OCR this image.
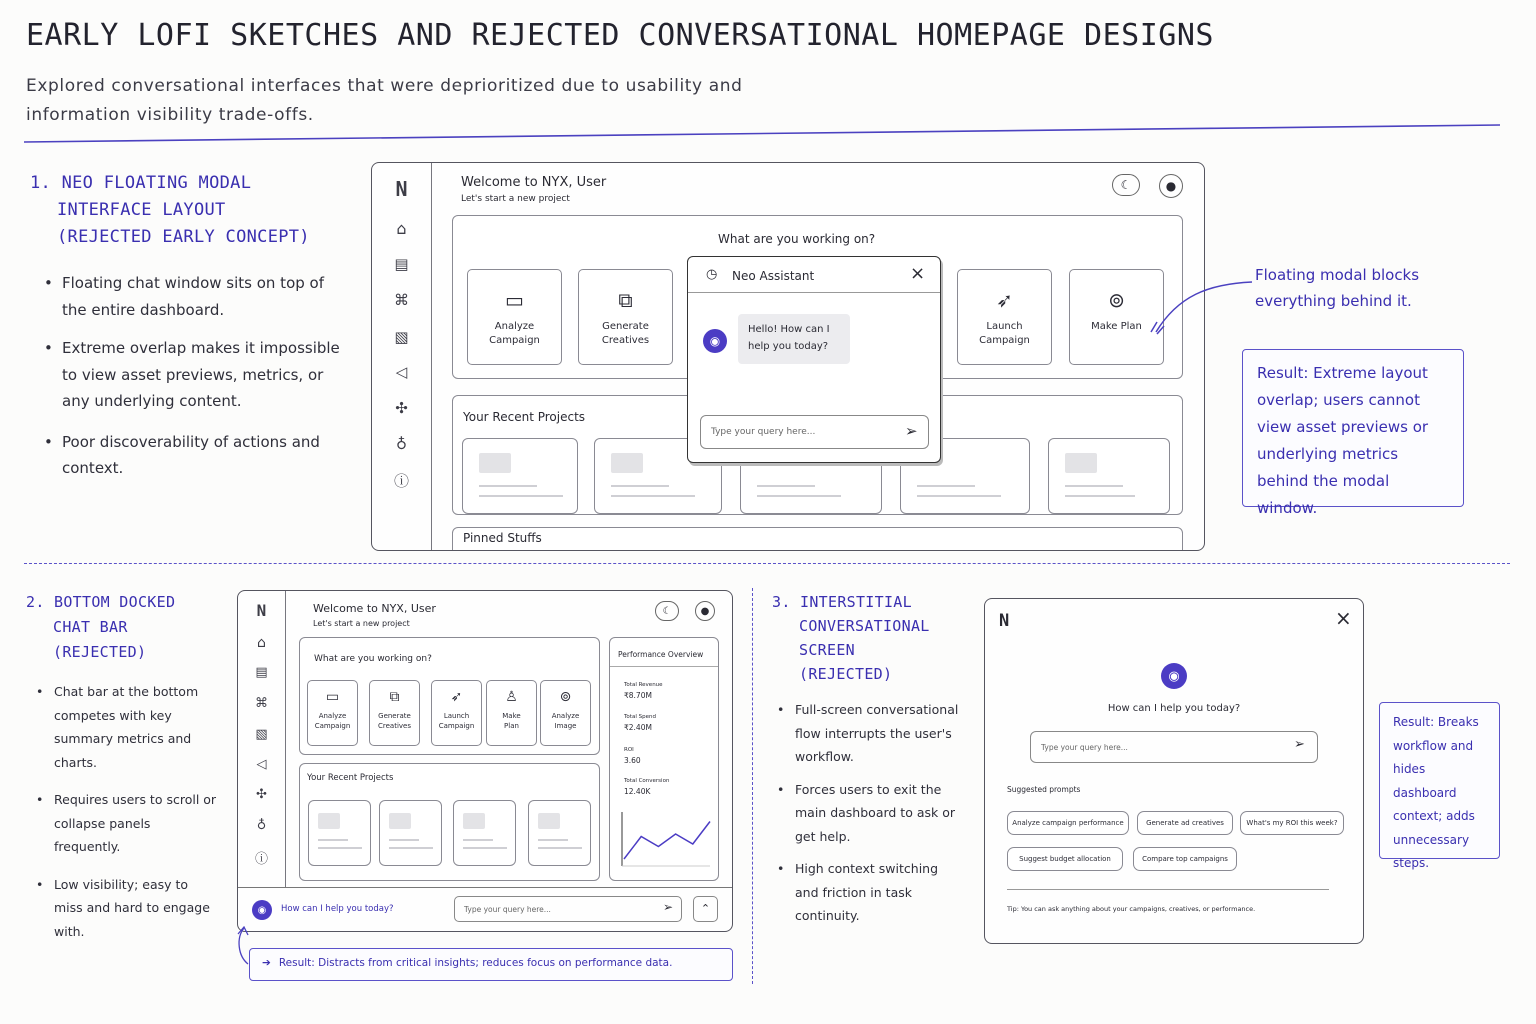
EARLY LOFI SKETCHES AND REJECTED CONVERSATIONAL HOMEPAGE DESIGNS
Explored conversational interfaces that were deprioritized due to usability and
information visibility trade-offs.
1. NEO FLOATING MODAL
INTERFACE LAYOUT
(REJECTED EARLY CONCEPT)
• Floating chat window sits on top of the entire dashboard.
• Extreme overlap makes it impossible to view asset previews, metrics, or any underlying content.
• Poor discoverability of actions and context.
N
⌂
▤
⌘
▧
◁
✣
♁
ⓘ
Welcome to NYX, User
Let's start a new project
☾	●
What are you working on?
▭
Analyze Campaign
⧉
Generate Creatives
➶
Launch Campaign
⊚
Make Plan
Your Recent Projects
Pinned Stuffs
◷ Neo Assistant	×
◉
Hello! How can I help you today?
Type your query here...	➢
Floating modal blocks everything behind it.
Result: Extreme layout overlap; users cannot view asset previews or underlying metrics behind the modal window.
2. BOTTOM DOCKED
CHAT BAR
(REJECTED)
• Chat bar at the bottom competes with key summary metrics and charts.
• Requires users to scroll or collapse panels frequently.
• Low visibility; easy to miss and hard to engage with.
N
⌂
▤
⌘
▧
◁
✣
♁
ⓘ
Welcome to NYX, User
Let's start a new project
☾	●
What are you working on?
▭
Analyze Campaign
⧉
Generate Creatives
➶
Launch Campaign
♙
Make Plan
⊚
Analyze Image
Your Recent Projects
Performance Overview
Total Revenue
₹8.70M
Total Spend
₹2.40M
ROI
3.60
Total Conversion
12.40K
◉	How can I help you today?	Type your query here...	➢	⌃
➔ Result: Distracts from critical insights; reduces focus on performance data.
3. INTERSTITIAL
CONVERSATIONAL
SCREEN
(REJECTED)
• Full-screen conversational flow interrupts the user's workflow.
• Forces users to exit the main dashboard to ask or get help.
• High context switching and friction in task continuity.
N	×
◉
How can I help you today?
Type your query here...	➢
Suggested prompts
Analyze campaign performance	Generate ad creatives	What's my ROI this week?
Suggest budget allocation	Compare top campaigns
Tip: You can ask anything about your campaigns, creatives, or performance.
Result: Breaks workflow and hides dashboard context; adds unnecessary steps.
